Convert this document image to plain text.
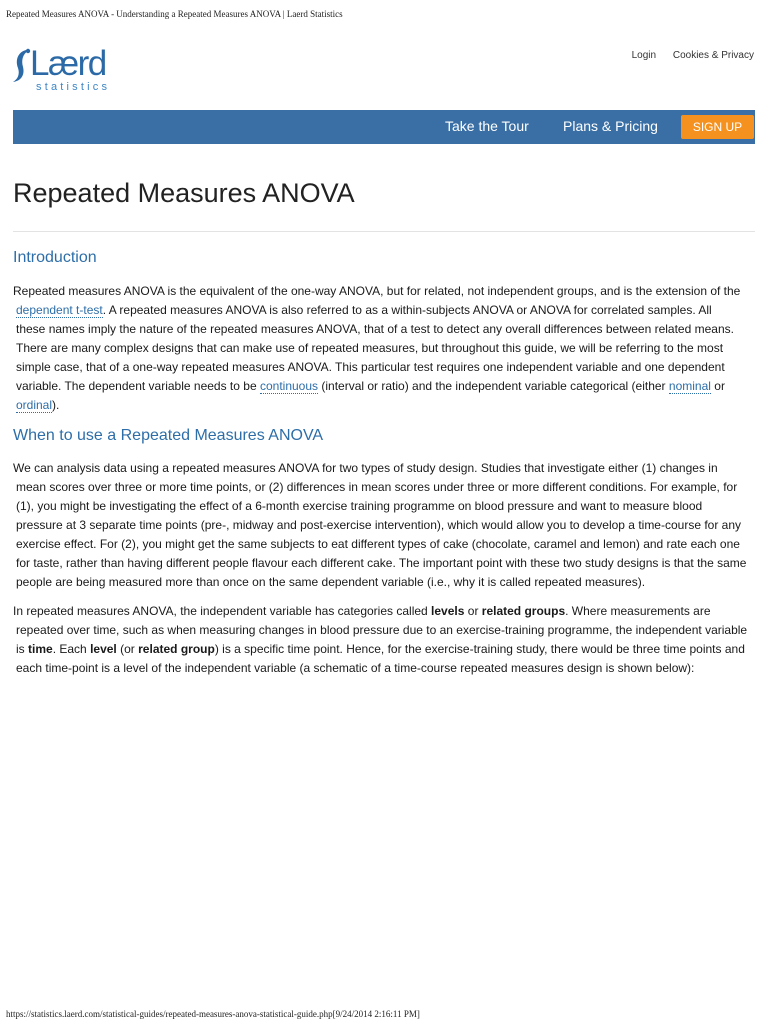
Repeated Measures ANOVA - Understanding a Repeated Measures ANOVA | Laerd Statistics
Lærd
statistics
Login Cookies & Privacy
Take the Tour Plans & Pricing	SIGN UP
Repeated Measures ANOVA
Introduction

Repeated measures ANOVA is the equivalent of the one-way ANOVA, but for related, not independent groups, and is the extension of the
dependent t-test. A repeated measures ANOVA is also referred to as a within-subjects ANOVA or ANOVA for correlated samples. All
these names imply the nature of the repeated measures ANOVA, that of a test to detect any overall differences between related means.
There are many complex designs that can make use of repeated measures, but throughout this guide, we will be referring to the most
simple case, that of a one-way repeated measures ANOVA. This particular test requires one independent variable and one dependent
variable. The dependent variable needs to be continuous (interval or ratio) and the independent variable categorical (either nominal or
ordinal).

When to use a Repeated Measures ANOVA

We can analysis data using a repeated measures ANOVA for two types of study design. Studies that investigate either (1) changes in
mean scores over three or more time points, or (2) differences in mean scores under three or more different conditions. For example, for
(1), you might be investigating the effect of a 6-month exercise training programme on blood pressure and want to measure blood
pressure at 3 separate time points (pre-, midway and post-exercise intervention), which would allow you to develop a time-course for any
exercise effect. For (2), you might get the same subjects to eat different types of cake (chocolate, caramel and lemon) and rate each one
for taste, rather than having different people flavour each different cake. The important point with these two study designs is that the same
people are being measured more than once on the same dependent variable (i.e., why it is called repeated measures).

In repeated measures ANOVA, the independent variable has categories called levels or related groups. Where measurements are
repeated over time, such as when measuring changes in blood pressure due to an exercise-training programme, the independent variable
is time. Each level (or related group) is a specific time point. Hence, for the exercise-training study, there would be three time points and
each time-point is a level of the independent variable (a schematic of a time-course repeated measures design is shown below):

https://statistics.laerd.com/statistical-guides/repeated-measures-anova-statistical-guide.php[9/24/2014 2:16:11 PM]
